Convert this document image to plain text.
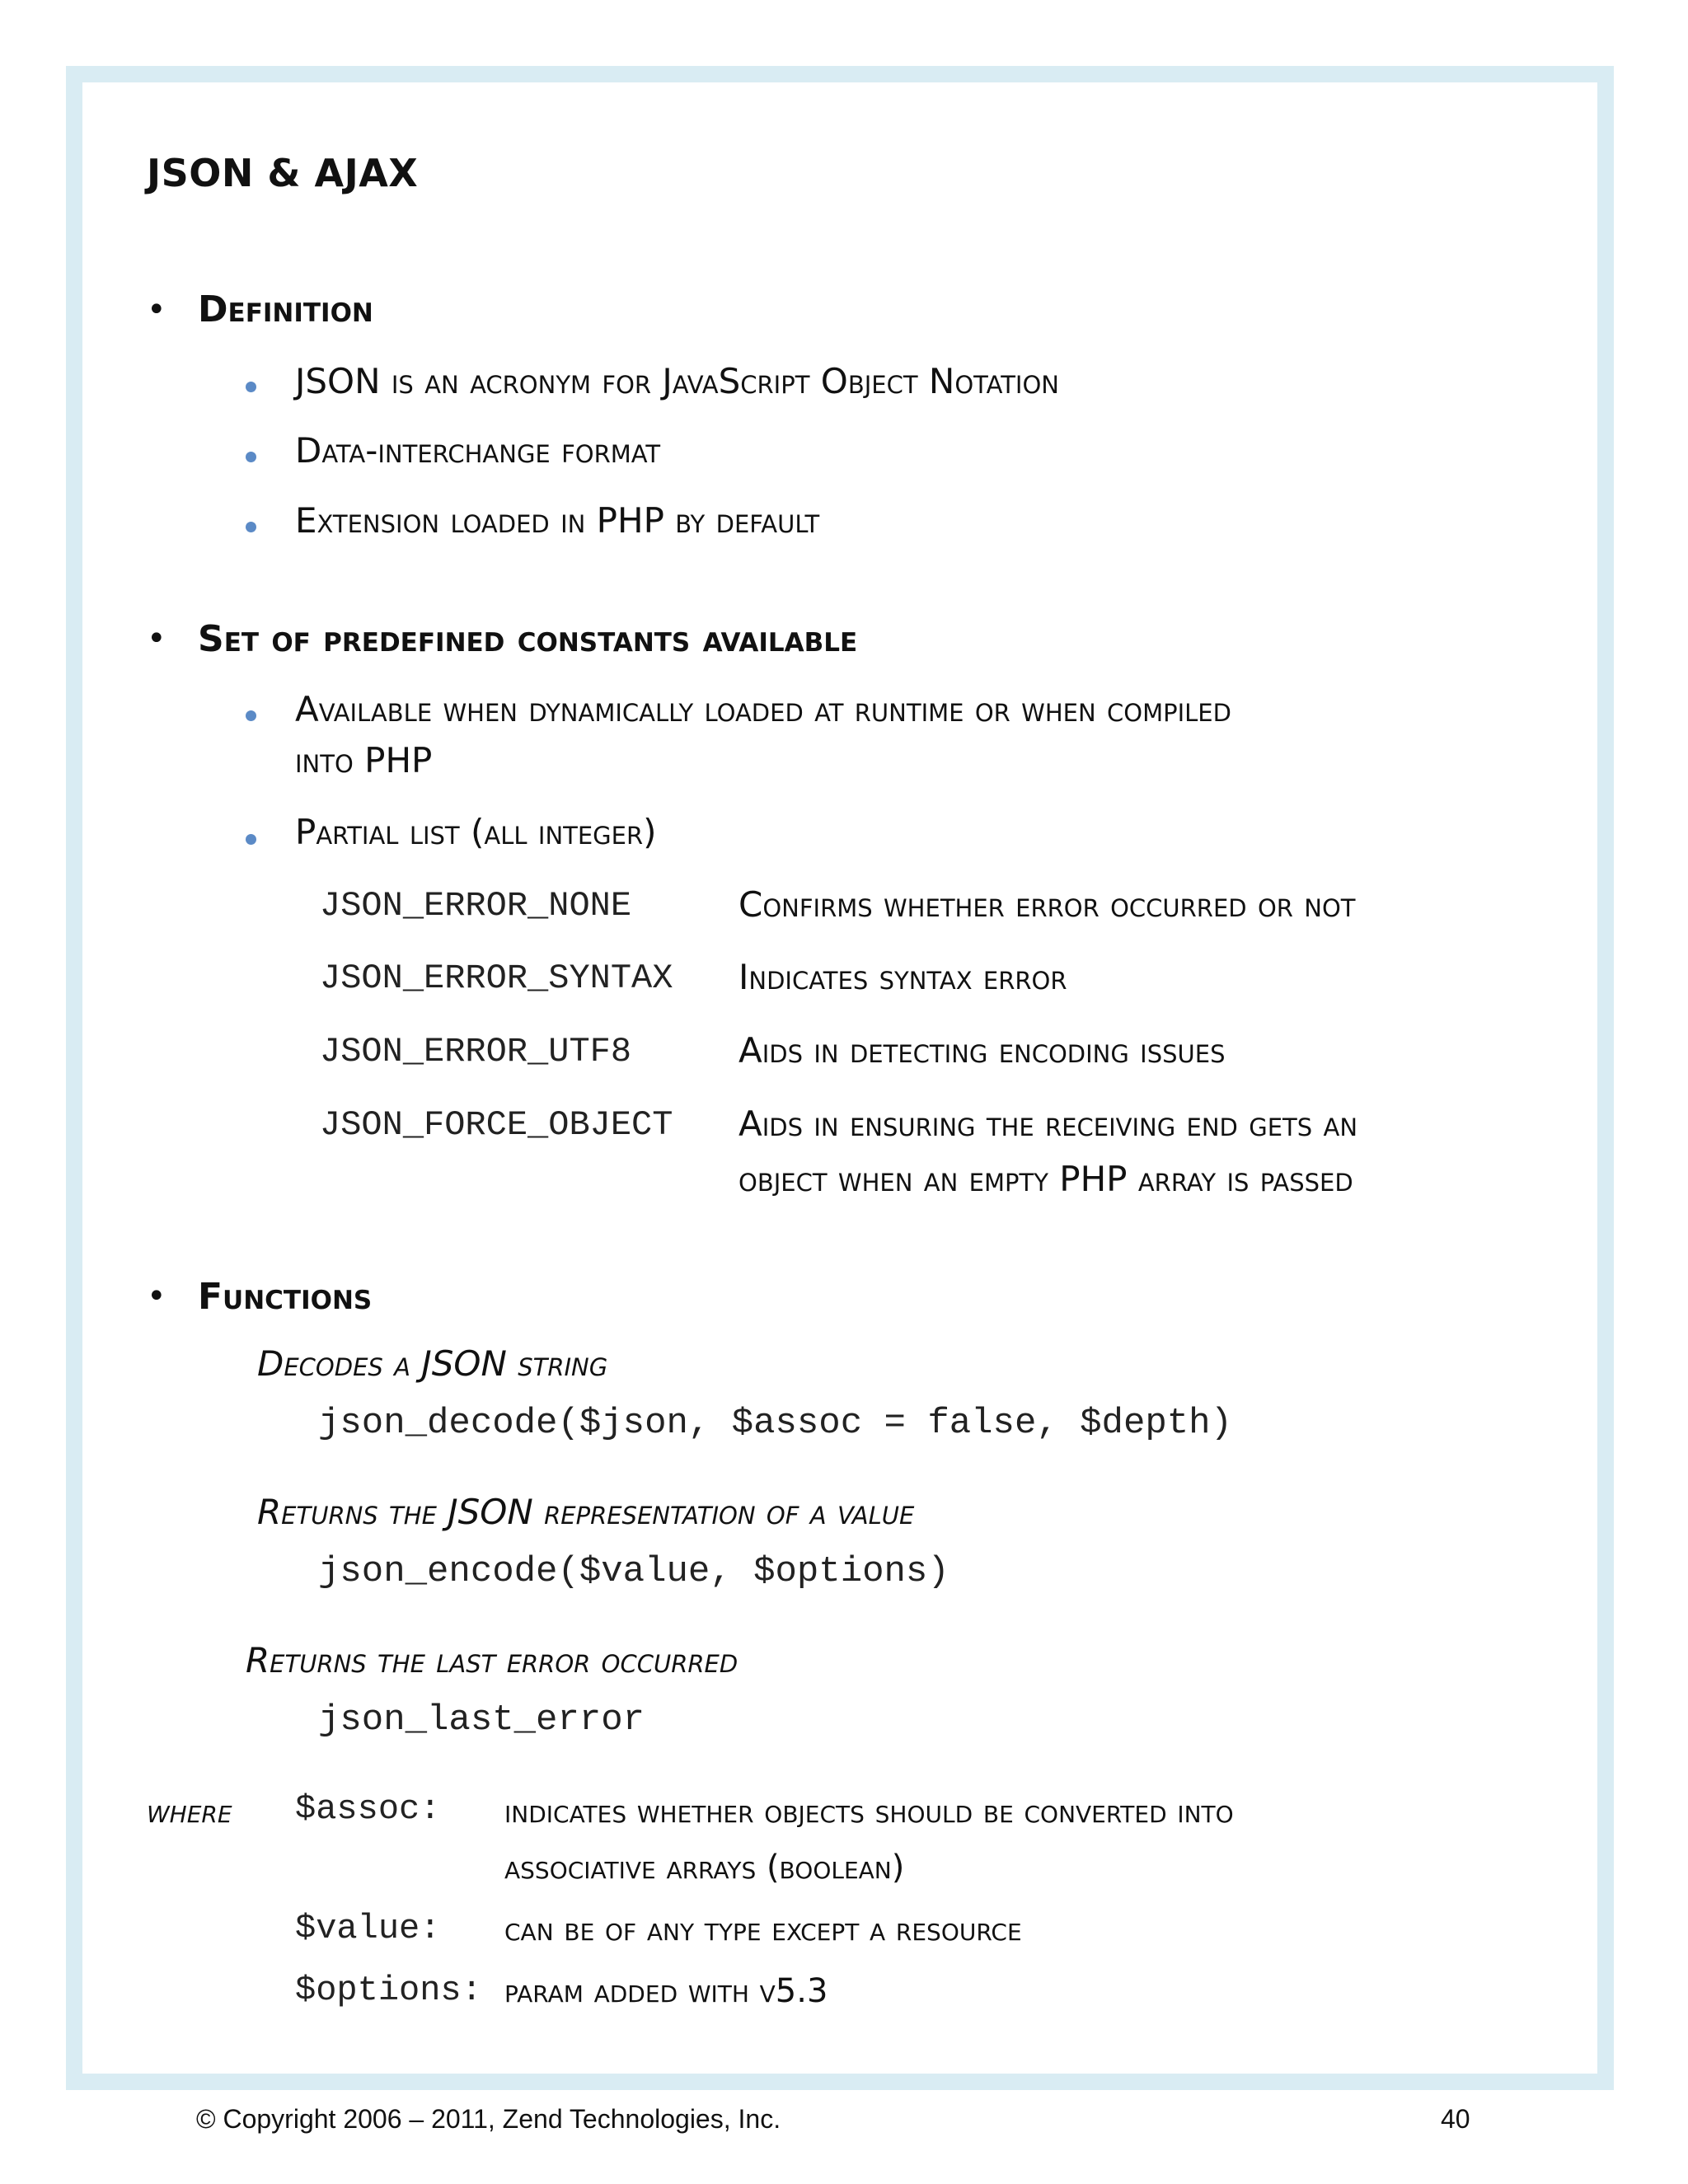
JSON & AJAX
• Definition
JSON is an acronym for JavaScript Object Notation
Data-interchange format
Extension loaded in PHP by default
• Set of predefined constants available
Available when dynamically loaded at runtime or when compiled
into PHP
Partial list (all integer)
JSON_ERROR_NONE	Confirms whether error occurred or not
JSON_ERROR_SYNTAX Indicates syntax error
JSON_ERROR_UTF8	Aids in detecting encoding issues
JSON_FORCE_OBJECT Aids in ensuring the receiving end gets an
object when an empty PHP array is passed
• Functions
Decodes a JSON string
json_decode($json, $assoc = false, $depth)
Returns the JSON representation of a value
json_encode($value, $options)
Returns the last error occurred
json_last_error
where $assoc: indicates whether objects should be converted into
associative arrays (boolean)
$value: can be of any type except a resource
$options: param added with v5.3
© Copyright 2006 – 2011, Zend Technologies, Inc.	40
